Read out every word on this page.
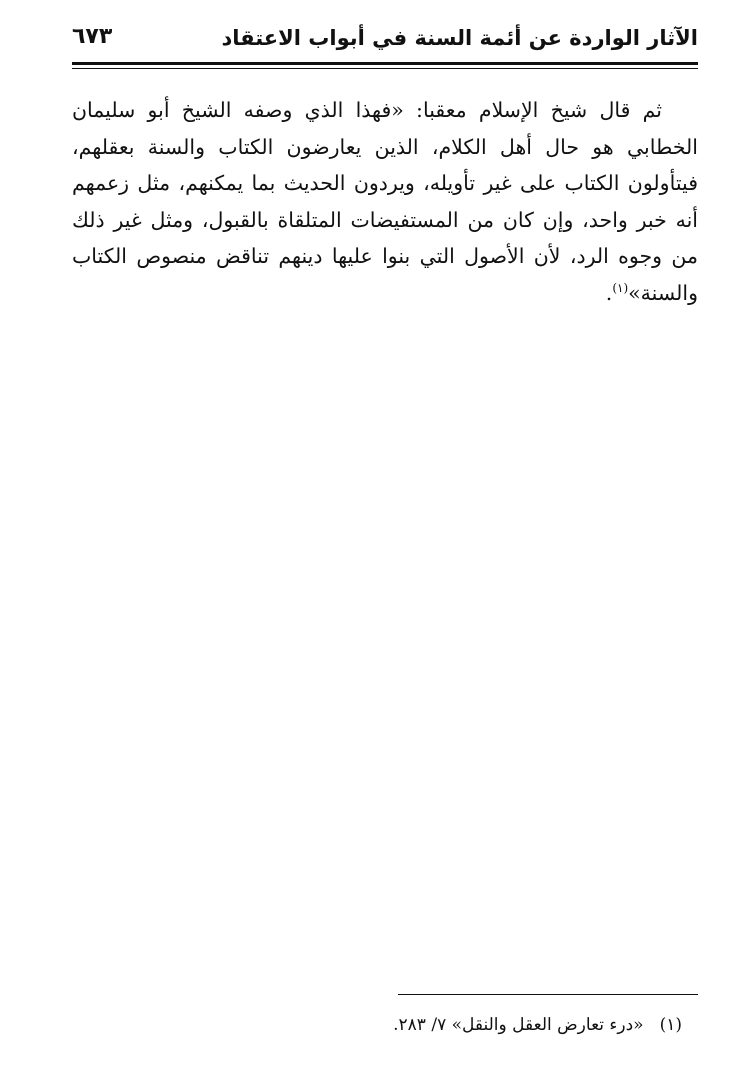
الآثار الواردة عن أئمة السنة في أبواب الاعتقاد
٦٧٣

ثم قال شيخ الإسلام معقبا: «فهذا الذي وصفه الشيخ أبو سليمان الخطابي هو حال أهل الكلام، الذين يعارضون الكتاب والسنة بعقلهم، فيتأولون الكتاب على غير تأويله، ويردون الحديث بما يمكنهم، مثل زعمهم أنه خبر واحد، وإن كان من المستفيضات المتلقاة بالقبول، ومثل غير ذلك من وجوه الرد، لأن الأصول التي بنوا عليها دينهم تناقض منصوص الكتاب والسنة»$^{(١)}$.

(١)«درء تعارض العقل والنقل» ٧/ ٢٨٣.
